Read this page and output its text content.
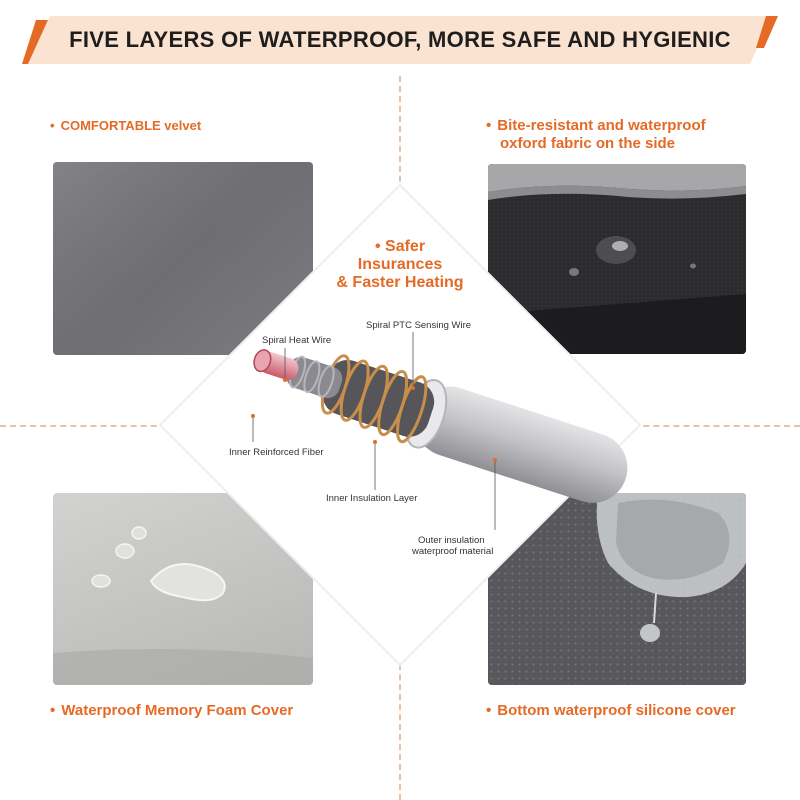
FIVE LAYERS OF WATERPROOF, MORE SAFE AND HYGIENIC
• COMFORTABLE velvet	• Bite-resistant and waterproof
oxford fabric on the side
• Waterproof Memory Foam Cover	• Bottom waterproof silicone cover
• Safer
Insurances
& Faster Heating
Spiral Heat Wire
Spiral PTC Sensing Wire
Inner Reinforced Fiber
Inner Insulation Layer
Outer insulation
waterproof material
